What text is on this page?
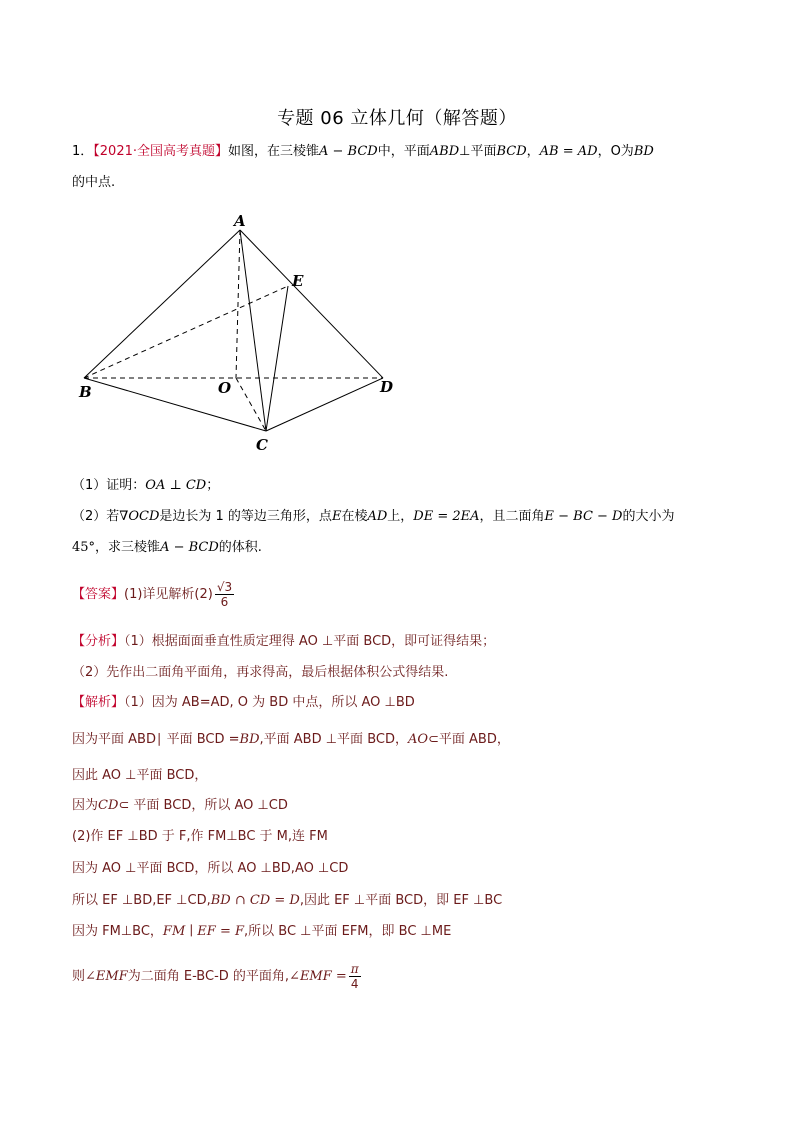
专题 06 立体几何（解答题）
1．【2021·全国高考真题】如图，在三棱锥A − BCD中，平面ABD⊥平面BCD，AB = AD，O为BD
的中点.
A
E
B	O	D
C
（1）证明：OA ⊥ CD；
（2）若∇OCD是边长为 1 的等边三角形，点E在棱AD上，DE = 2EA，且二面角E − BC − D的大小为
45°，求三棱锥A − BCD的体积.
【答案】(1)详见解析$(2) \frac{√3}{6}$
【分析】（1）根据面面垂直性质定理得 AO ⊥平面 BCD，即可证得结果；
（2）先作出二面角平面角，再求得高，最后根据体积公式得结果.
【解析】（1）因为 AB=AD, O 为 BD 中点，所以 AO ⊥BD
因为平面 ABD∣ 平面 BCD =BD,平面 ABD ⊥平面 BCD，AO⊂平面 ABD，
因此 AO ⊥平面 BCD，
因为CD⊂ 平面 BCD，所以 AO ⊥CD
(2)作 EF ⊥BD 于 F,作 FM⊥BC 于 M,连 FM
因为 AO ⊥平面 BCD，所以 AO ⊥BD,AO ⊥CD
所以 EF ⊥BD,EF ⊥CD,BD ∩ CD = D,因此 EF ⊥平面 BCD，即 EF ⊥BC
因为 FM⊥BC，FM ∣ EF = F,所以 BC ⊥平面 EFM，即 BC ⊥ME
则∠EMF为二面角 E-BC-D 的平面角,∠EMF = $\frac{\pi}{4}$
